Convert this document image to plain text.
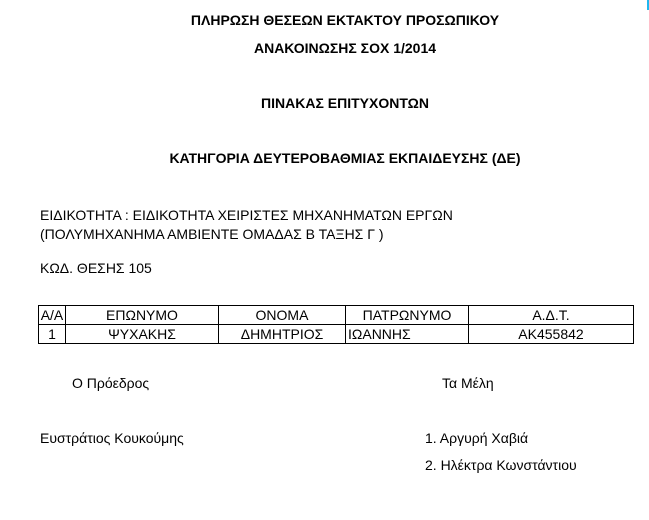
ΠΛΗΡΩΣΗ ΘΕΣΕΩΝ ΕΚΤΑΚΤΟΥ ΠΡΟΣΩΠΙΚΟΥ
ΑΝΑΚΟΙΝΩΣΗΣ ΣΟΧ 1/2014
ΠΙΝΑΚΑΣ ΕΠΙΤΥΧΟΝΤΩΝ
ΚΑΤΗΓΟΡΙΑ ΔΕΥΤΕΡΟΒΑΘΜΙΑΣ ΕΚΠΑΙΔΕΥΣΗΣ (ΔΕ)
ΕΙΔΙΚΟΤΗΤΑ : ΕΙΔΙΚΟΤΗΤΑ ΧΕΙΡΙΣΤΕΣ ΜΗΧΑΝΗΜΑΤΩΝ ΕΡΓΩΝ
(ΠΟΛΥΜΗΧΑΝΗΜΑ ΑΜΒΙΕΝΤΕ ΟΜΑΔΑΣ Β ΤΑΞΗΣ Γ )
ΚΩΔ. ΘΕΣΗΣ 105
Α/Α	ΕΠΩΝΥΜΟ	ΟΝΟΜΑ	ΠΑΤΡΩΝΥΜΟ	Α.Δ.Τ.
1	ΨΥΧΑΚΗΣ	ΔΗΜΗΤΡΙΟΣ	ΙΩΑΝΝΗΣ	ΑΚ455842
Ο Πρόεδρος	Τα Μέλη
Ευστράτιος Κουκούμης	1. Αργυρή Χαβιά
2. Ηλέκτρα Κωνστάντιου
